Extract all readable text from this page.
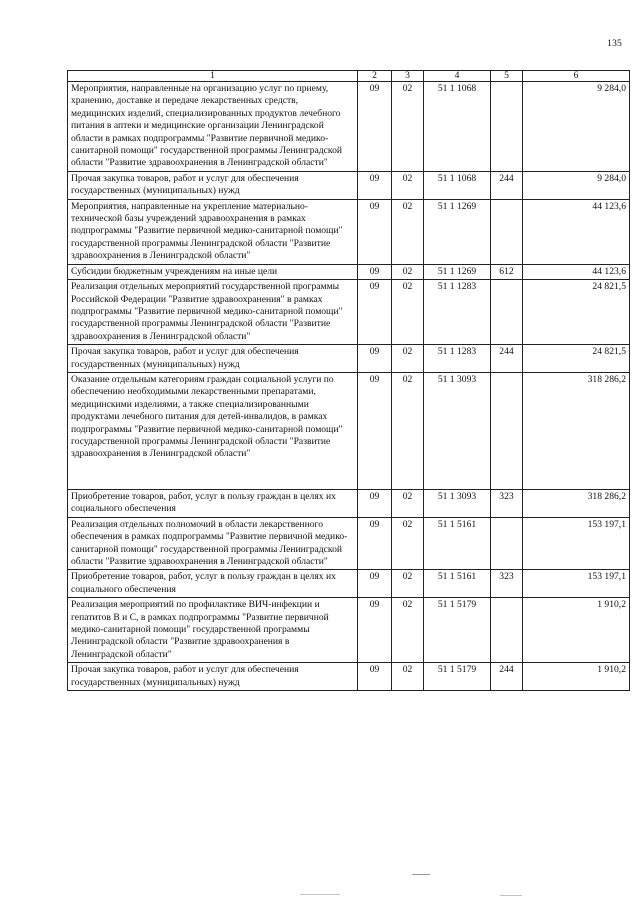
135
1	2	3	4	5	6
Мероприятия, направленные на организацию услуг по приему, хранению, доставке и передаче лекарственных средств, медицинских изделий, специализированных продуктов лечебного питания в аптеки и медицинские организации Ленинградской области в рамках подпрограммы "Развитие первичной медико-санитарной помощи" государственной программы Ленинградской области "Развитие здравоохранения в Ленинградской области"	09	02	51 1 1068		9 284,0
Прочая закупка товаров, работ и услуг для обеспечения государственных (муниципальных) нужд	09	02	51 1 1068	244	9 284,0
Мероприятия, направленные на укрепление материально-технической базы учреждений здравоохранения в рамках подпрограммы "Развитие первичной медико-санитарной помощи" государственной программы Ленинградской области "Развитие здравоохранения в Ленинградской области"	09	02	51 1 1269		44 123,6
Субсидии бюджетным учреждениям на иные цели	09	02	51 1 1269	612	44 123,6
Реализация отдельных мероприятий государственной программы Российской Федерации "Развитие здравоохранения" в рамках подпрограммы "Развитие первичной медико-санитарной помощи" государственной программы Ленинградской области "Развитие здравоохранения в Ленинградской области"	09	02	51 1 1283		24 821,5
Прочая закупка товаров, работ и услуг для обеспечения государственных (муниципальных) нужд	09	02	51 1 1283	244	24 821,5
Оказание отдельным категориям граждан социальной услуги по обеспечению необходимыми лекарственными препаратами, медицинскими изделиями, а также специализированными продуктами лечебного питания для детей-инвалидов, в рамках подпрограммы "Развитие первичной медико-санитарной помощи" государственной программы Ленинградской области "Развитие здравоохранения в Ленинградской области"	09	02	51 1 3093		318 286,2
Приобретение товаров, работ, услуг в пользу граждан в целях их социального обеспечения	09	02	51 1 3093	323	318 286,2
Реализация отдельных полномочий в области лекарственного обеспечения в рамках подпрограммы "Развитие первичной медико-санитарной помощи" государственной программы Ленинградской области "Развитие здравоохранения в Ленинградской области"	09	02	51 1 5161		153 197,1
Приобретение товаров, работ, услуг в пользу граждан в целях их социального обеспечения	09	02	51 1 5161	323	153 197,1
Реализация мероприятий по профилактике ВИЧ-инфекции и гепатитов В и С, в рамках подпрограммы "Развитие первичной медико-санитарной помощи" государственной программы Ленинградской области "Развитие здравоохранения в Ленинградской области"	09	02	51 1 5179		1 910,2
Прочая закупка товаров, работ и услуг для обеспечения государственных (муниципальных) нужд	09	02	51 1 5179	244	1 910,2
